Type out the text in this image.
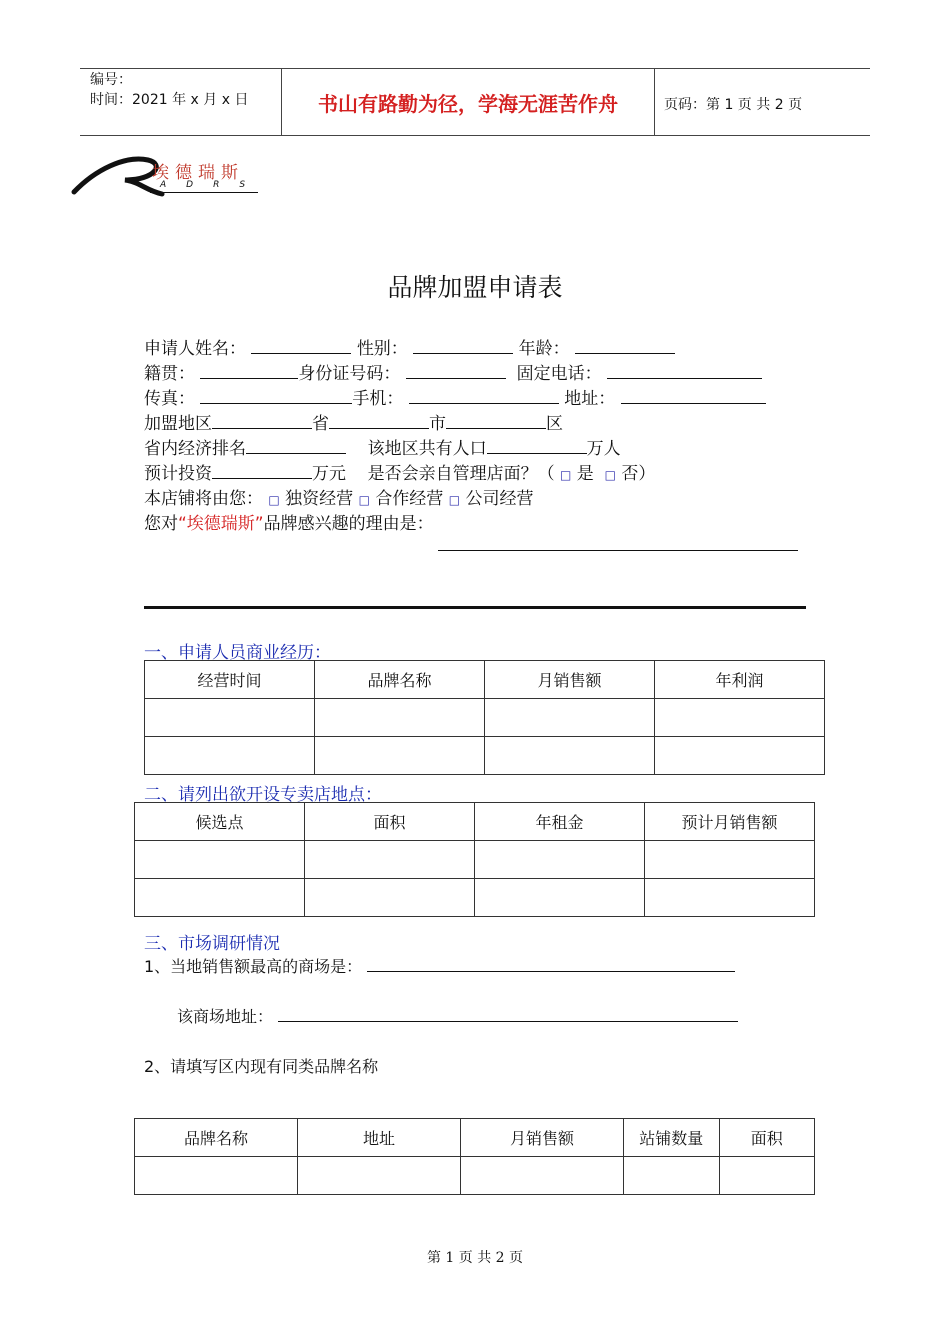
编号：
时间：2021 年 x 月 x 日	书山有路勤为径，学海无涯苦作舟	页码：第 1 页 共 2 页
埃德瑞斯
ADRS
品牌加盟申请表
申请人姓名：	性别：	年龄：
籍贯：	身份证号码：	固定电话：
传真：	手机：	地址：
加盟地区	省	市	区
省内经济排名	该地区共有人口	万人
预计投资	万元 是否会亲自管理店面？（ □ 是 □ 否）
本店铺将由您： □ 独资经营 □ 合作经营 □ 公司经营
您对“埃德瑞斯”品牌感兴趣的理由是：
一、申请人员商业经历：
经营时间	品牌名称	月销售额	年利润

二、请列出欲开设专卖店地点：
候选点	面积	年租金	预计月销售额

三、市场调研情况
1、当地销售额最高的商场是：
该商场地址：
2、请填写区内现有同类品牌名称
品牌名称	地址	月销售额	站铺数量	面积

第 1 页 共 2 页
